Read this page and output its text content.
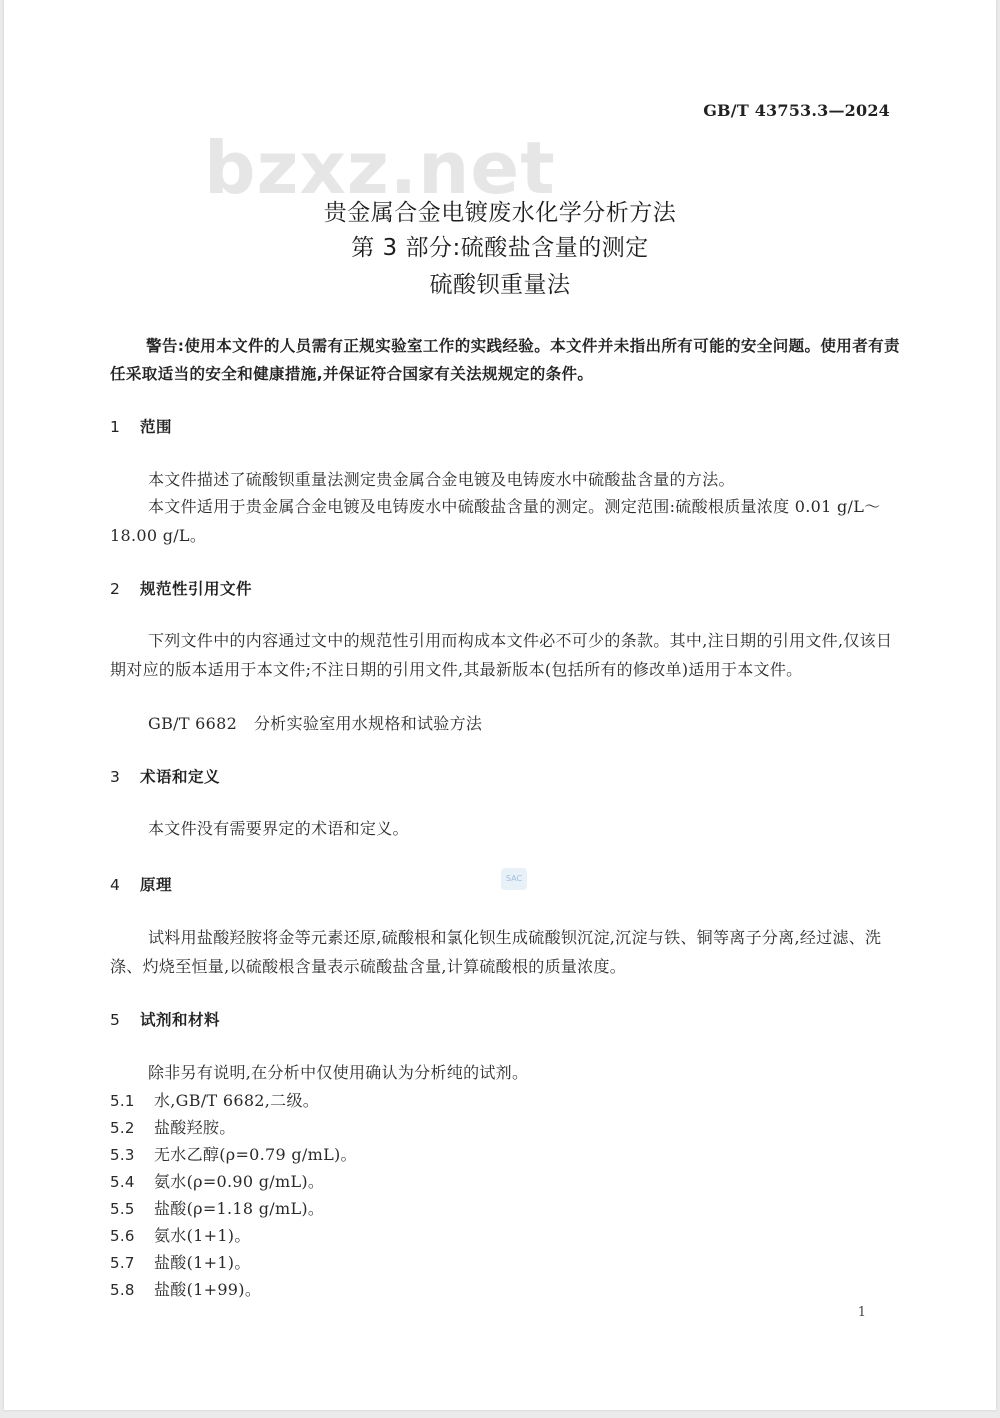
GB/T 43753.3—2024
bzxz.net
贵金属合金电镀废水化学分析方法
第 3 部分:硫酸盐含量的测定
硫酸钡重量法
警告:使用本文件的人员需有正规实验室工作的实践经验。本文件并未指出所有可能的安全问题。使用者有责任采取适当的安全和健康措施,并保证符合国家有关法规规定的条件。
1 范围
本文件描述了硫酸钡重量法测定贵金属合金电镀及电铸废水中硫酸盐含量的方法。
本文件适用于贵金属合金电镀及电铸废水中硫酸盐含量的测定。测定范围:硫酸根质量浓度 0.01 g/L～18.00 g/L。
2 规范性引用文件
下列文件中的内容通过文中的规范性引用而构成本文件必不可少的条款。其中,注日期的引用文件,仅该日期对应的版本适用于本文件;不注日期的引用文件,其最新版本(包括所有的修改单)适用于本文件。
GB/T 6682 分析实验室用水规格和试验方法
3 术语和定义
本文件没有需要界定的术语和定义。
SAC
4 原理
试料用盐酸羟胺将金等元素还原,硫酸根和氯化钡生成硫酸钡沉淀,沉淀与铁、铜等离子分离,经过滤、洗涤、灼烧至恒量,以硫酸根含量表示硫酸盐含量,计算硫酸根的质量浓度。
5 试剂和材料
除非另有说明,在分析中仅使用确认为分析纯的试剂。
5.1 水,GB/T 6682,二级。
5.2 盐酸羟胺。
5.3 无水乙醇(ρ=0.79 g/mL)。
5.4 氨水(ρ=0.90 g/mL)。
5.5 盐酸(ρ=1.18 g/mL)。
5.6 氨水(1+1)。
5.7 盐酸(1+1)。
5.8 盐酸(1+99)。
1
